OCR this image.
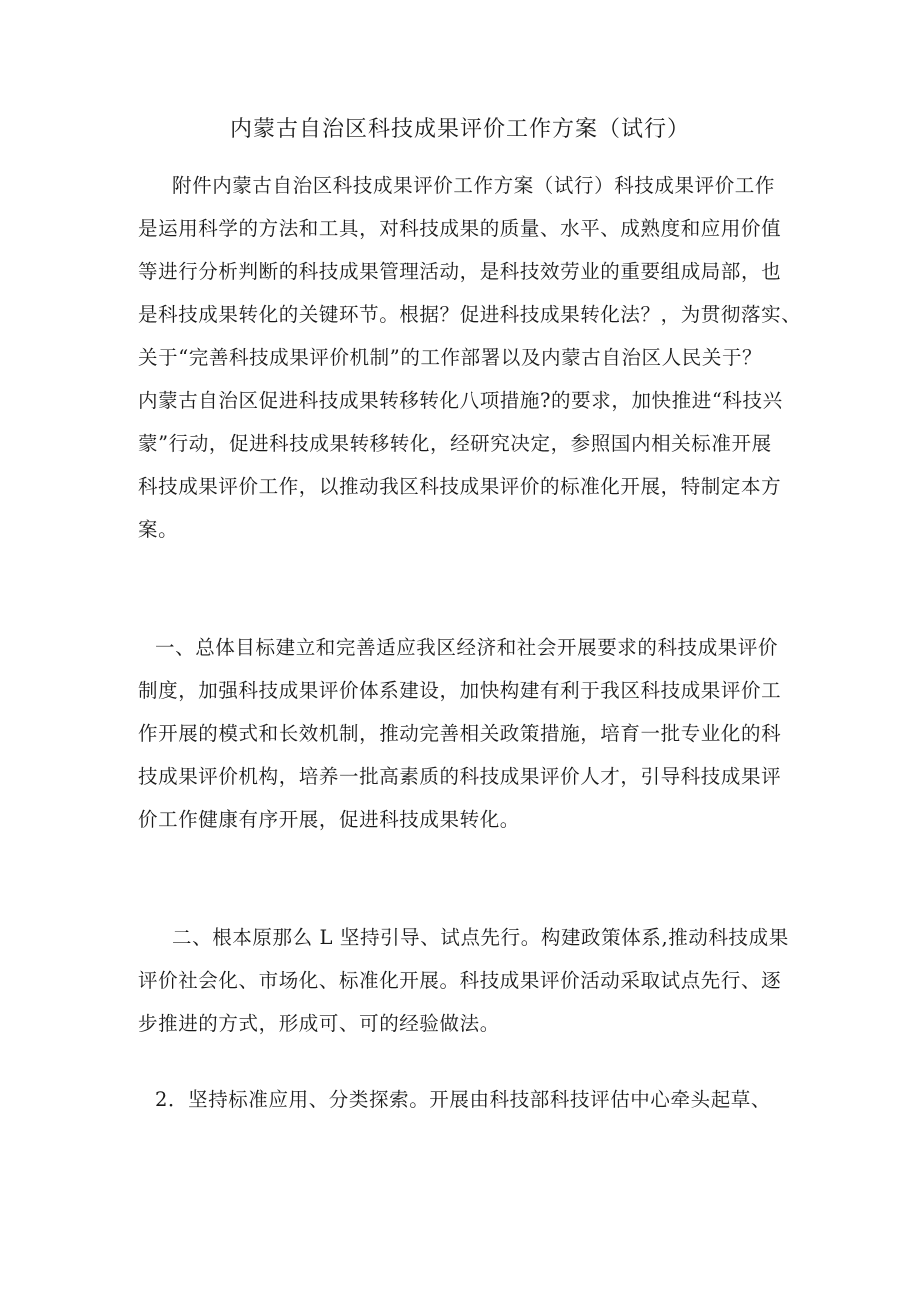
内蒙古自治区科技成果评价工作方案（试行）
附件内蒙古自治区科技成果评价工作方案（试行）科技成果评价工作
是运用科学的方法和工具，对科技成果的质量、水平、成熟度和应用价值
等进行分析判断的科技成果管理活动，是科技效劳业的重要组成局部，也
是科技成果转化的关键环节。根据？促进科技成果转化法？，为贯彻落实、
关于“完善科技成果评价机制”的工作部署以及内蒙古自治区人民关于？
内蒙古自治区促进科技成果转移转化八项措施?的要求，加快推进“科技兴
蒙”行动，促进科技成果转移转化，经研究决定，参照国内相关标准开展
科技成果评价工作，以推动我区科技成果评价的标准化开展，特制定本方
案。
一、总体目标建立和完善适应我区经济和社会开展要求的科技成果评价
制度，加强科技成果评价体系建设，加快构建有利于我区科技成果评价工
作开展的模式和长效机制，推动完善相关政策措施，培育一批专业化的科
技成果评价机构，培养一批高素质的科技成果评价人才，引导科技成果评
价工作健康有序开展，促进科技成果转化。
二、根本原那么 L 坚持引导、试点先行。构建政策体系,推动科技成果
评价社会化、市场化、标准化开展。科技成果评价活动采取试点先行、逐
步推进的方式，形成可、可的经验做法。
2．坚持标准应用、分类探索。开展由科技部科技评估中心牵头起草、
